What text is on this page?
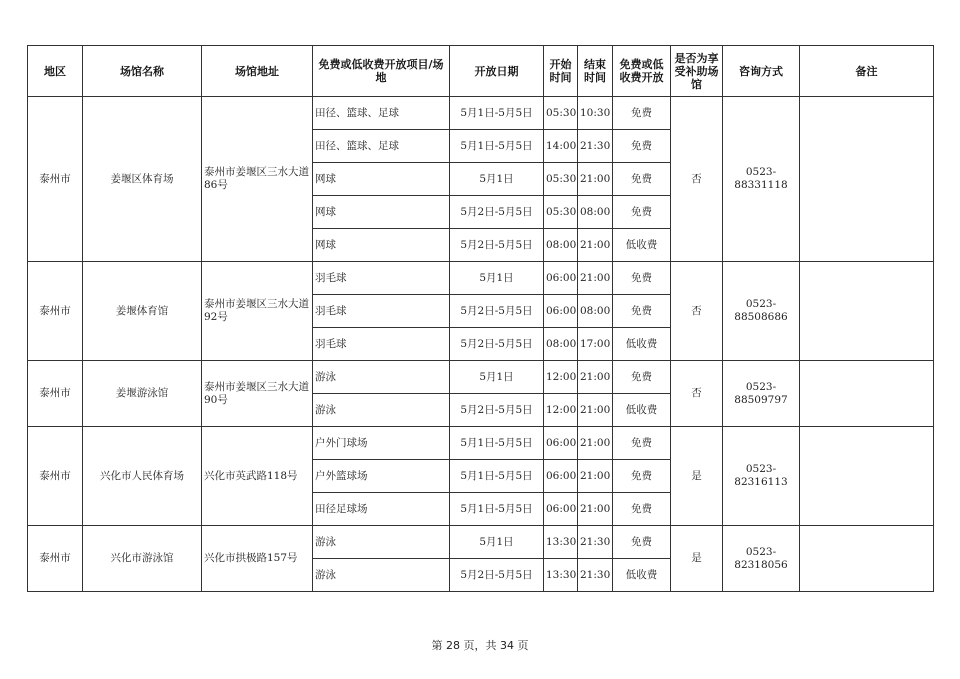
地区	场馆名称	场馆地址	免费或低收费开放项目/场地	开放日期	开始时间	结束时间	免费或低收费开放	是否为享受补助场馆	咨询方式	备注
泰州市	姜堰区体育场	泰州市姜堰区三水大道86号	田径、篮球、足球	5月1日-5月5日	05:30	10:30	免费	否	0523-88331118	
			田径、篮球、足球	5月1日-5月5日	14:00	21:30	免费			
			网球	5月1日	05:30	21:00	免费			
			网球	5月2日-5月5日	05:30	08:00	免费			
			网球	5月2日-5月5日	08:00	21:00	低收费			
泰州市	姜堰体育馆	泰州市姜堰区三水大道92号	羽毛球	5月1日	06:00	21:00	免费	否	0523-88508686	
			羽毛球	5月2日-5月5日	06:00	08:00	免费			
			羽毛球	5月2日-5月5日	08:00	17:00	低收费			
泰州市	姜堰游泳馆	泰州市姜堰区三水大道90号	游泳	5月1日	12:00	21:00	免费	否	0523-88509797	
			游泳	5月2日-5月5日	12:00	21:00	低收费			
泰州市	兴化市人民体育场	兴化市英武路118号	户外门球场	5月1日-5月5日	06:00	21:00	免费	是	0523-82316113	
			户外篮球场	5月1日-5月5日	06:00	21:00	免费			
			田径足球场	5月1日-5月5日	06:00	21:00	免费			
泰州市	兴化市游泳馆	兴化市拱极路157号	游泳	5月1日	13:30	21:30	免费	是	0523-82318056	
			游泳	5月2日-5月5日	13:30	21:30	低收费			
第 28 页，共 34 页
